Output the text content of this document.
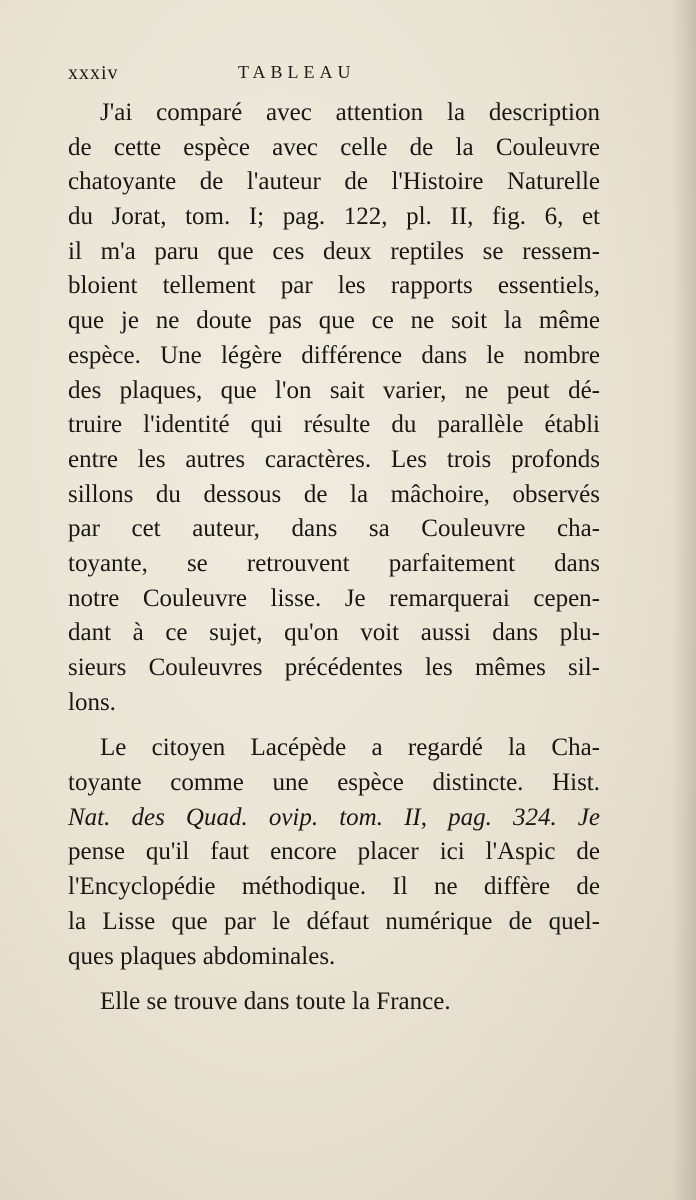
xxxiv	TABLEAU
J'ai comparé avec attention la description
de cette espèce avec celle de la Couleuvre
chatoyante de l'auteur de l'Histoire Naturelle
du Jorat, tom. I; pag. 122, pl. II, fig. 6, et
il m'a paru que ces deux reptiles se ressem-
bloient tellement par les rapports essentiels,
que je ne doute pas que ce ne soit la même
espèce. Une légère différence dans le nombre
des plaques, que l'on sait varier, ne peut dé-
truire l'identité qui résulte du parallèle établi
entre les autres caractères. Les trois profonds
sillons du dessous de la mâchoire, observés
par cet auteur, dans sa Couleuvre cha-
toyante, se retrouvent parfaitement dans
notre Couleuvre lisse. Je remarquerai cepen-
dant à ce sujet, qu'on voit aussi dans plu-
sieurs Couleuvres précédentes les mêmes sil-
lons.
Le citoyen Lacépède a regardé la Cha-
toyante comme une espèce distincte. Hist.
Nat. des Quad. ovip. tom. II, pag. 324. Je
pense qu'il faut encore placer ici l'Aspic de
l'Encyclopédie méthodique. Il ne diffère de
la Lisse que par le défaut numérique de quel-
ques plaques abdominales.
Elle se trouve dans toute la France.
